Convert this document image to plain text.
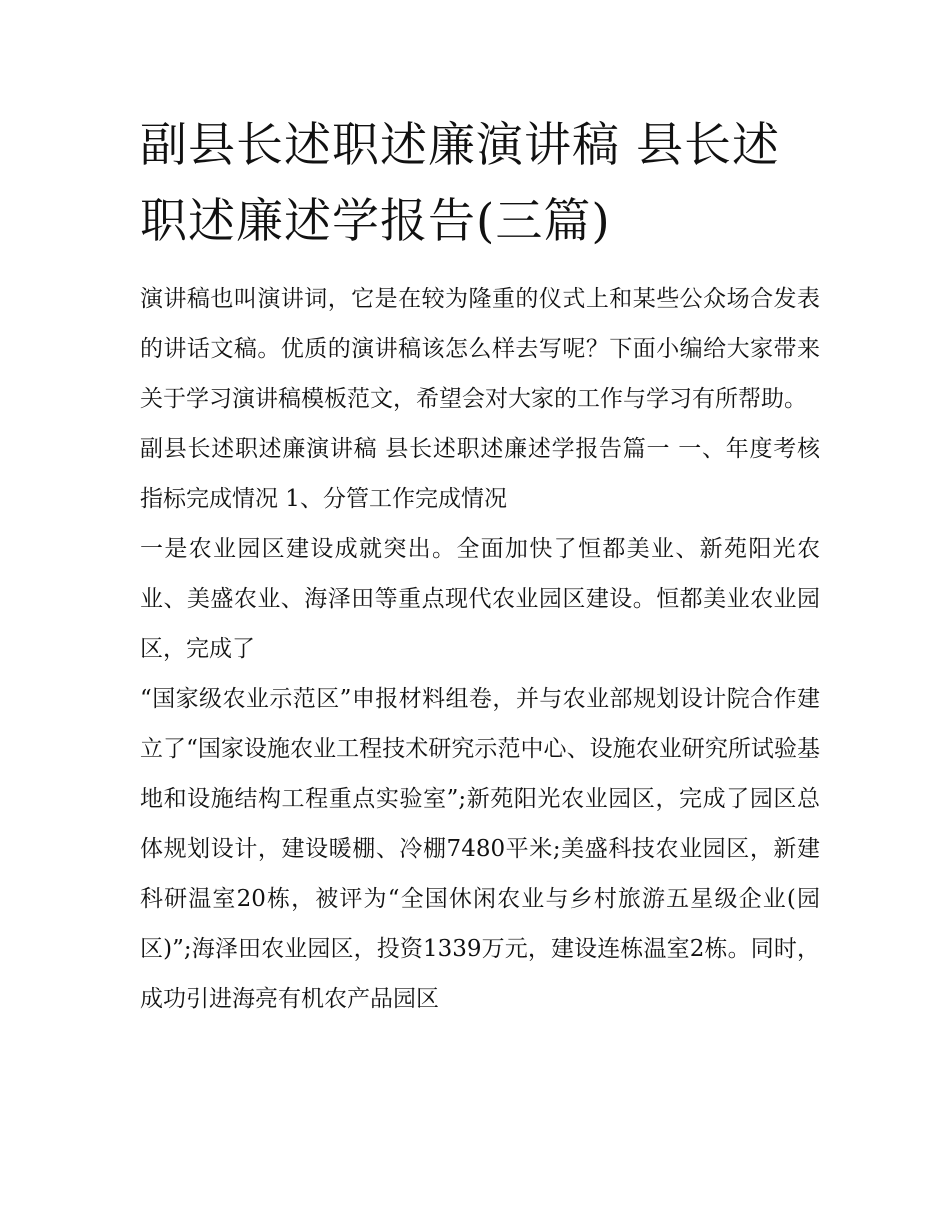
副县长述职述廉演讲稿 县长述职述廉述学报告(三篇)

演讲稿也叫演讲词，它是在较为隆重的仪式上和某些公众场合发表的讲话文稿。优质的演讲稿该怎么样去写呢？下面小编给大家带来关于学习演讲稿模板范文，希望会对大家的工作与学习有所帮助。

副县长述职述廉演讲稿 县长述职述廉述学报告篇一 一、年度考核指标完成情况 1、分管工作完成情况

一是农业园区建设成就突出。全面加快了恒都美业、新苑阳光农业、美盛农业、海泽田等重点现代农业园区建设。恒都美业农业园区，完成了

“国家级农业示范区”申报材料组卷，并与农业部规划设计院合作建立了“国家设施农业工程技术研究示范中心、设施农业研究所试验基地和设施结构工程重点实验室”;新苑阳光农业园区，完成了园区总体规划设计，建设暖棚、冷棚7480平米;美盛科技农业园区，新建科研温室20栋，被评为“全国休闲农业与乡村旅游五星级企业(园区)”;海泽田农业园区，投资1339万元，建设连栋温室2栋。同时，成功引进海亮有机农产品园区
